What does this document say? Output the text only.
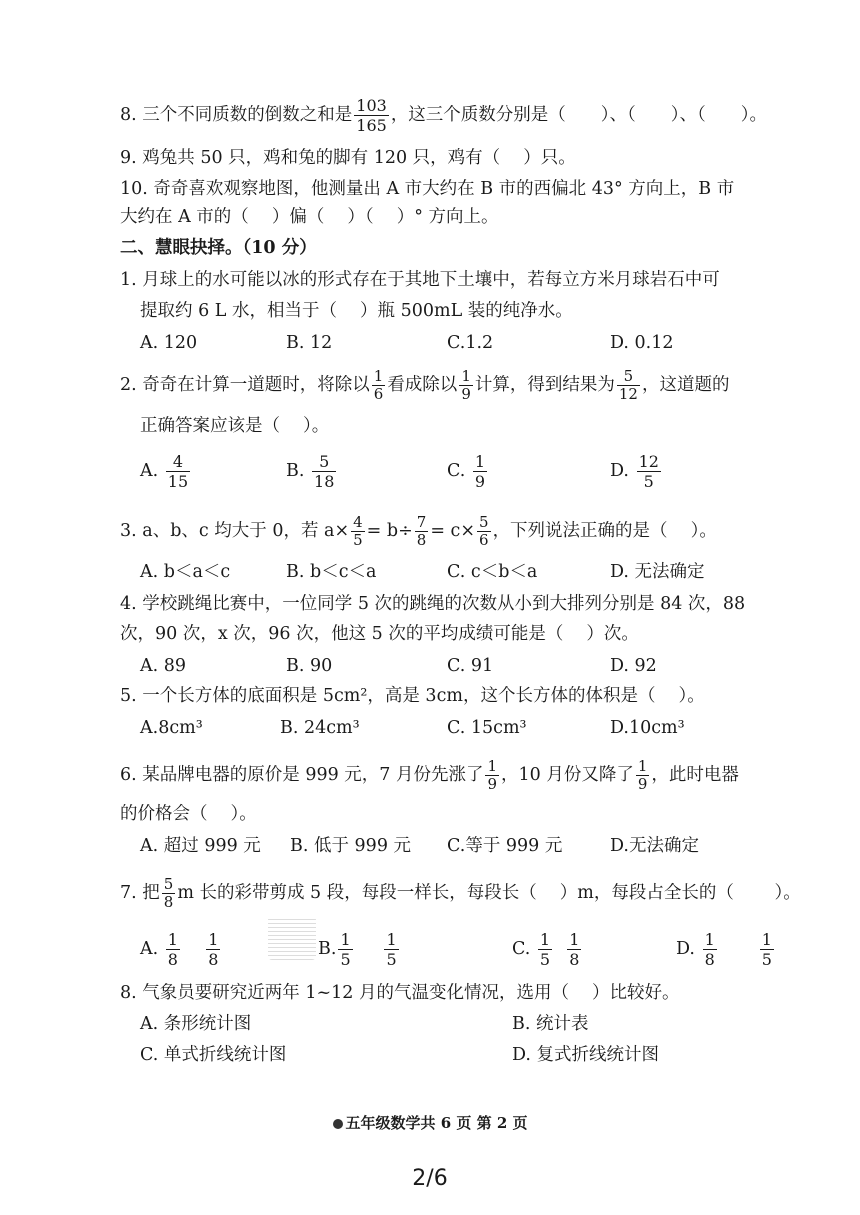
8. 三个不同质数的倒数之和是 $\frac{103}{165}$ ，这三个质数分别是（　　）、（　　）、（　　）。
9. 鸡兔共 50 只，鸡和兔的脚有 120 只，鸡有（　 ）只。
10. 奇奇喜欢观察地图，他测量出 A 市大约在 B 市的西偏北 43° 方向上，B 市
大约在 A 市的（　 ）偏（　 ）（　 ）° 方向上。
二、慧眼抉择。（10 分）
1. 月球上的水可能以冰的形式存在于其地下土壤中，若每立方米月球岩石中可
提取约 6 L 水，相当于（　 ）瓶 500mL 装的纯净水。
A. 120	B. 12	C.1.2	D. 0.12
2. 奇奇在计算一道题时，将除以 $\frac{1}{6}$ 看成除以 $\frac{1}{9}$ 计算，得到结果为 $\frac{5}{12}$ ，这道题的
正确答案应该是（　 ）。
A. $\frac{4}{15}$	B. $\frac{5}{18}$	C. $\frac{1}{9}$	D. $\frac{12}{5}$
3. a、b、c 均大于 0，若 $a\times \frac{4}{5} = b\div \frac{7}{8} = c\times \frac{5}{6}$ ，下列说法正确的是（　 ）。
A. b＜a＜c	B. b＜c＜a	C. c＜b＜a	D. 无法确定
4. 学校跳绳比赛中，一位同学 5 次的跳绳的次数从小到大排列分别是 84 次，88
次，90 次，x 次，96 次，他这 5 次的平均成绩可能是（　 ）次。
A. 89	B. 90	C. 91	D. 92
5. 一个长方体的底面积是 5cm²，高是 3cm，这个长方体的体积是（　 ）。
A.8cm³	B. 24cm³	C. 15cm³	D.10cm³
6. 某品牌电器的原价是 999 元，7 月份先涨了 $\frac{1}{9}$ ，10 月份又降了 $\frac{1}{9}$ ，此时电器
的价格会（　 ）。
A. 超过 999 元 B. 低于 999 元 C.等于 999 元	D.无法确定
7. 把 $\frac{5}{8}$ m 长的彩带剪成 5 段，每段一样长，每段长（　 ）m，每段占全长的（　　 ）。
A. $\frac{1}{8}$
$\frac{1}{8}$	B. $\frac{1}{5}$
$\frac{1}{5}$	C. $\frac{1}{5}$
$\frac{1}{8}$	D. $\frac{1}{8}$
	$\frac{1}{5}$
8. 气象员要研究近两年 1~12 月的气温变化情况，选用（　 ）比较好。
A. 条形统计图	B. 统计表
C. 单式折线统计图	D. 复式折线统计图
五年级数学共 6 页 第 2 页
2/6
